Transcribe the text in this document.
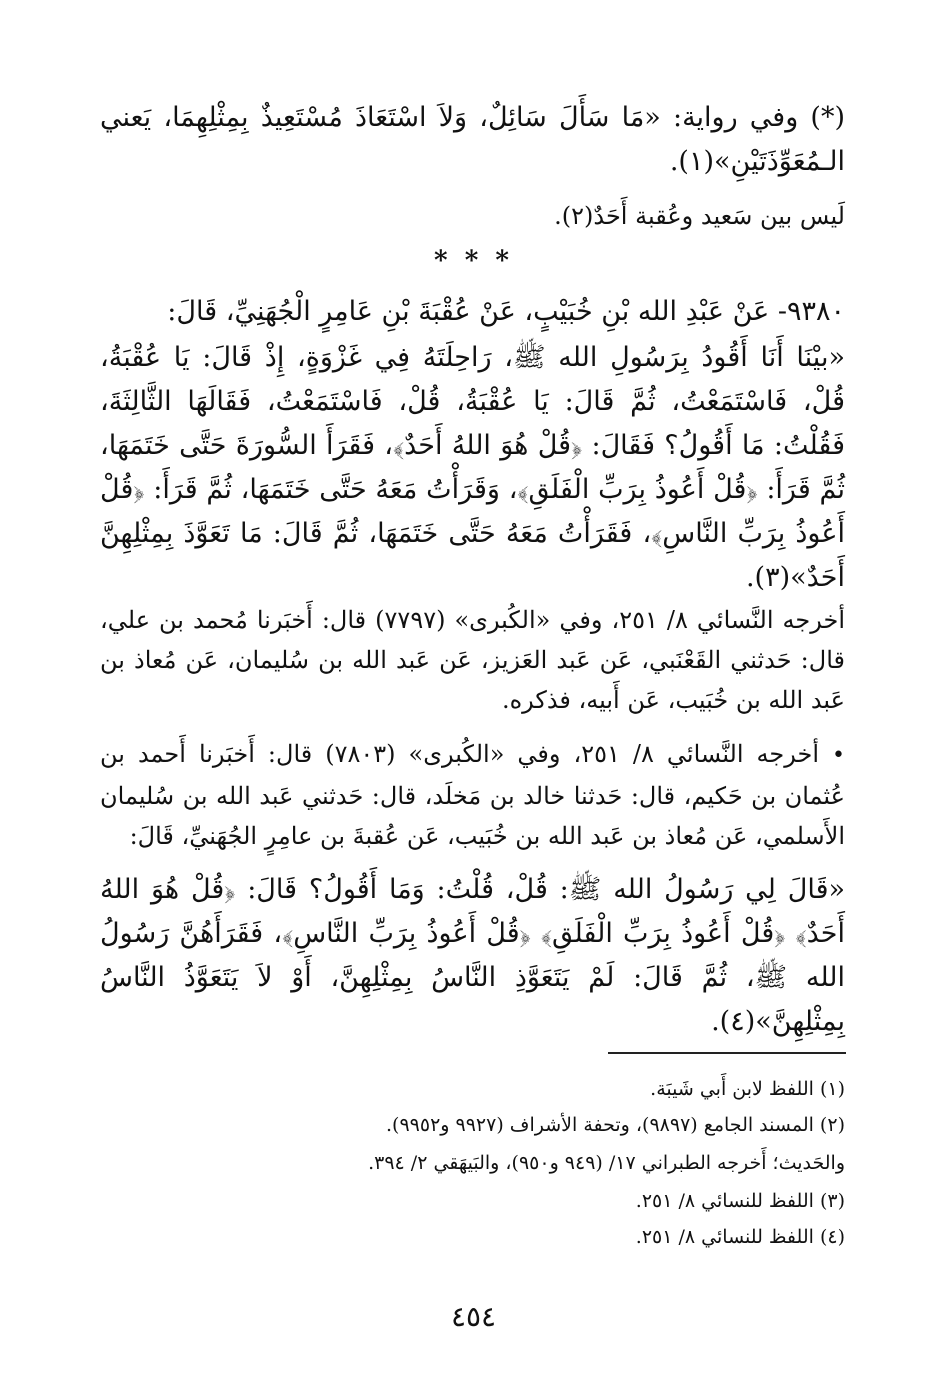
(*) وفي رواية: «مَا سَأَلَ سَائِلٌ، وَلاَ اسْتَعَاذَ مُسْتَعِيذٌ بِمِثْلِهِمَا، يَعني الـمُعَوِّذَتَيْنِ»(١).
لَيس بين سَعيد وعُقبة أَحَدٌ(٢).
* * *
٩٣٨٠- عَنْ عَبْدِ الله بْنِ خُبَيْبٍ، عَنْ عُقْبَةَ بْنِ عَامِرٍ الْجُهَنِيِّ، قَالَ:
«بيْنَا أَنَا أَقُودُ بِرَسُولِ الله ﷺ، رَاحِلَتَهُ فِي غَزْوَةٍ، إِذْ قَالَ: يَا عُقْبَةُ، قُلْ، فَاسْتَمَعْتُ، ثُمَّ قَالَ: يَا عُقْبَةُ، قُلْ، فَاسْتَمَعْتُ، فَقَالَهَا الثَّالِثَةَ، فَقُلْتُ: مَا أَقُولُ؟ فَقَالَ: ﴿قُلْ هُوَ اللهُ أَحَدٌ﴾، فَقَرَأَ السُّورَةَ حَتَّى خَتَمَهَا، ثُمَّ قَرَأَ: ﴿قُلْ أَعُوذُ بِرَبِّ الْفَلَقِ﴾، وَقَرَأْتُ مَعَهُ حَتَّى خَتَمَهَا، ثُمَّ قَرَأَ: ﴿قُلْ أَعُوذُ بِرَبِّ النَّاسِ﴾، فَقَرَأْتُ مَعَهُ حَتَّى خَتَمَهَا، ثُمَّ قَالَ: مَا تَعَوَّذَ بِمِثْلِهِنَّ أَحَدٌ»(٣).
أخرجه النَّسائي ٨/ ٢٥١، وفي «الكُبرى» (٧٧٩٧) قال: أَخبَرنا مُحمد بن علي، قال: حَدثني القَعْنَبي، عَن عَبد العَزيز، عَن عَبد الله بن سُليمان، عَن مُعاذ بن عَبد الله بن خُبَيب، عَن أَبيه، فذكره.
• أخرجه النَّسائي ٨/ ٢٥١، وفي «الكُبرى» (٧٨٠٣) قال: أَخبَرنا أَحمد بن عُثمان بن حَكيم، قال: حَدثنا خالد بن مَخلَد، قال: حَدثني عَبد الله بن سُليمان الأَسلمي، عَن مُعاذ بن عَبد الله بن خُبَيب، عَن عُقبةَ بن عامِرٍ الجُهَنيِّ، قَالَ:
«قَالَ لِي رَسُولُ الله ﷺ: قُلْ، قُلْتُ: وَمَا أَقُولُ؟ قَالَ: ﴿قُلْ هُوَ اللهُ أَحَدٌ﴾ ﴿قُلْ أَعُوذُ بِرَبِّ الْفَلَقِ﴾ ﴿قُلْ أَعُوذُ بِرَبِّ النَّاسِ﴾، فَقَرَأَهُنَّ رَسُولُ الله ﷺ، ثُمَّ قَالَ: لَمْ يَتَعَوَّذِ النَّاسُ بِمِثْلِهِنَّ، أَوْ لاَ يَتَعَوَّذُ النَّاسُ بِمِثْلِهِنَّ»(٤).
(١) اللفظ لابن أَبي شَيبَة.
(٢) المسند الجامع (٩٨٩٧)، وتحفة الأشراف (٩٩٢٧ و٩٩٥٢).
والحَديث؛ أَخرجه الطبراني ١٧/ (٩٤٩ و٩٥٠)، والبَيهَقي ٢/ ٣٩٤.
(٣) اللفظ للنسائي ٨/ ٢٥١.
(٤) اللفظ للنسائي ٨/ ٢٥١.
٤٥٤
